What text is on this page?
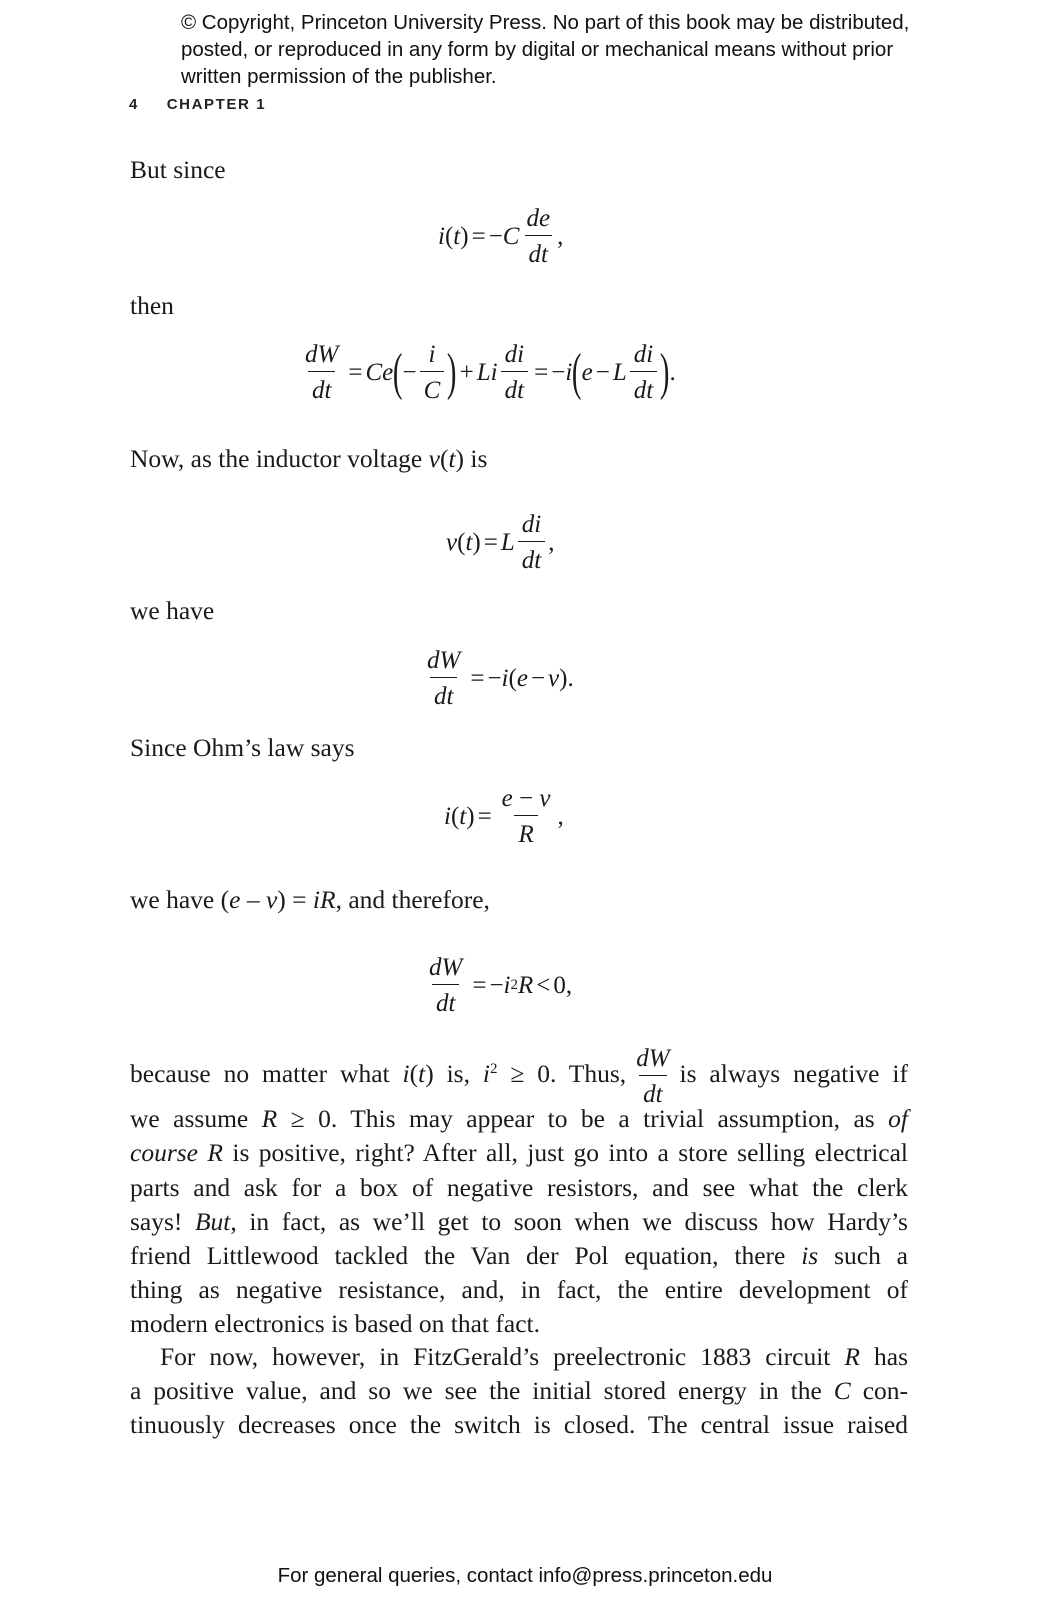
© Copyright, Princeton University Press. No part of this book may be distributed, posted, or reproduced in any form by digital or mechanical means without prior written permission of the publisher.
4 CHAPTER 1
But since
i ( t ) = − C $\frac{de}{dt}$ ,
then
$\frac{dW}{dt} = Ce$ ( − $\frac{i}{C}$ ) + Li $\frac{di}{dt}$ = − i ( e − L $\frac{di}{dt}$ ) .
Now, as the inductor voltage v(t) is
v ( t ) = L $\frac{di}{dt}$ ,
we have
$\frac{dW}{dt}$ = − i ( e − v ).
Since Ohm’s law says
i ( t ) = $\frac{e - v}{R}$ ,
we have (e – v) = iR, and therefore,
$\frac{dW}{dt}$ = − i 2 R < 0,
because no matter what i(t) is, $i^2 \ge 0$. Thus, $\frac{dW}{dt}$ is always negative if
we assume R ≥ 0. This may appear to be a trivial assumption, as of
course R is positive, right? After all, just go into a store selling electrical
parts and ask for a box of negative resistors, and see what the clerk
says! But, in fact, as we’ll get to soon when we discuss how Hardy’s
friend Littlewood tackled the Van der Pol equation, there is such a
thing as negative resistance, and, in fact, the entire development of
modern electronics is based on that fact.
For now, however, in FitzGerald’s preelectronic 1883 circuit R has
a positive value, and so we see the initial stored energy in the C con-
tinuously decreases once the switch is closed. The central issue raised
For general queries, contact info@press.princeton.edu
